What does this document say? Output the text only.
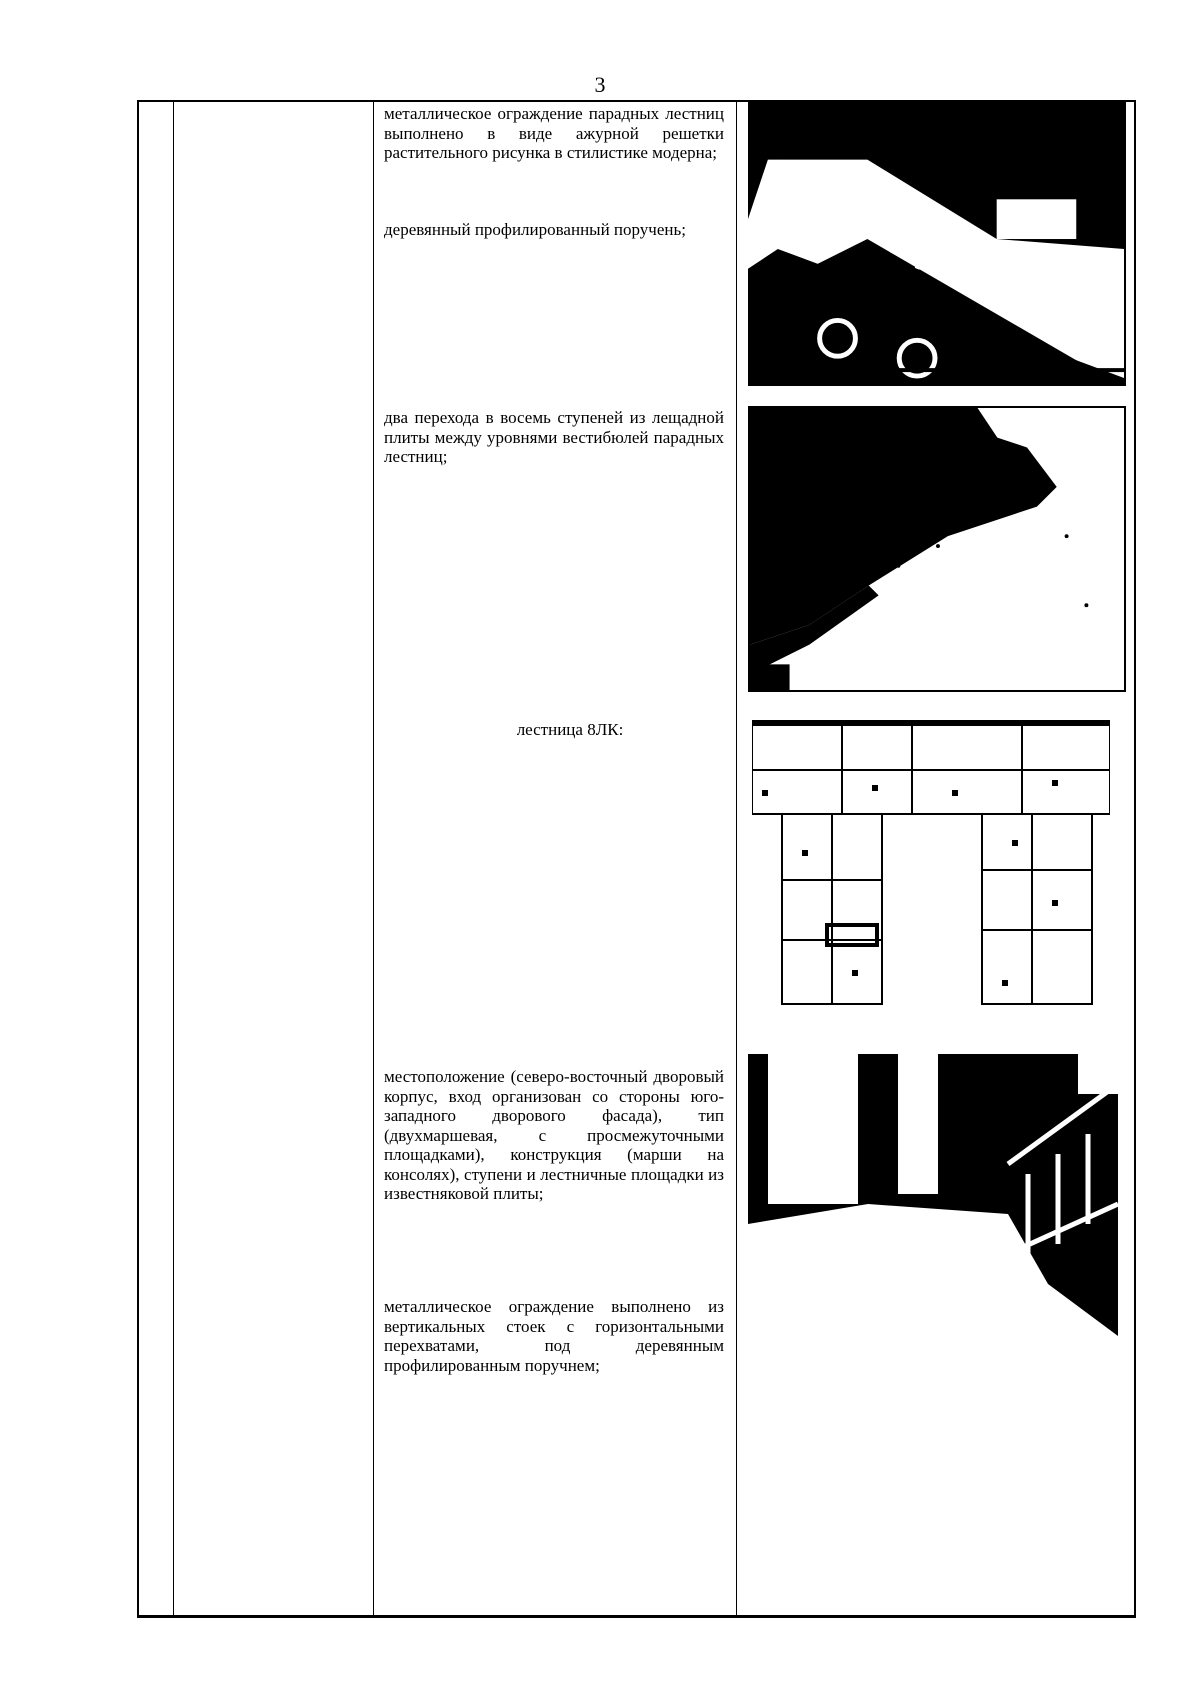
3
металлическое ограждение парадных лестниц выполнено в виде ажурной решетки растительного рисунка в стилистике модерна;
деревянный профилированный поручень;
два перехода в восемь ступеней из лещадной плиты между уровнями вестибюлей парадных лестниц;
лестница 8ЛК:
местоположение (северо-восточный дворовый корпус, вход организован со стороны юго-западного дворового фасада), тип (двухмаршевая, с просмежуточными площадками), конструкция (марши на консолях), ступени и лестничные площадки из известняковой плиты;
металлическое ограждение выполнено из вертикальных стоек с горизонтальными перехватами, под деревянным профилированным поручнем;
